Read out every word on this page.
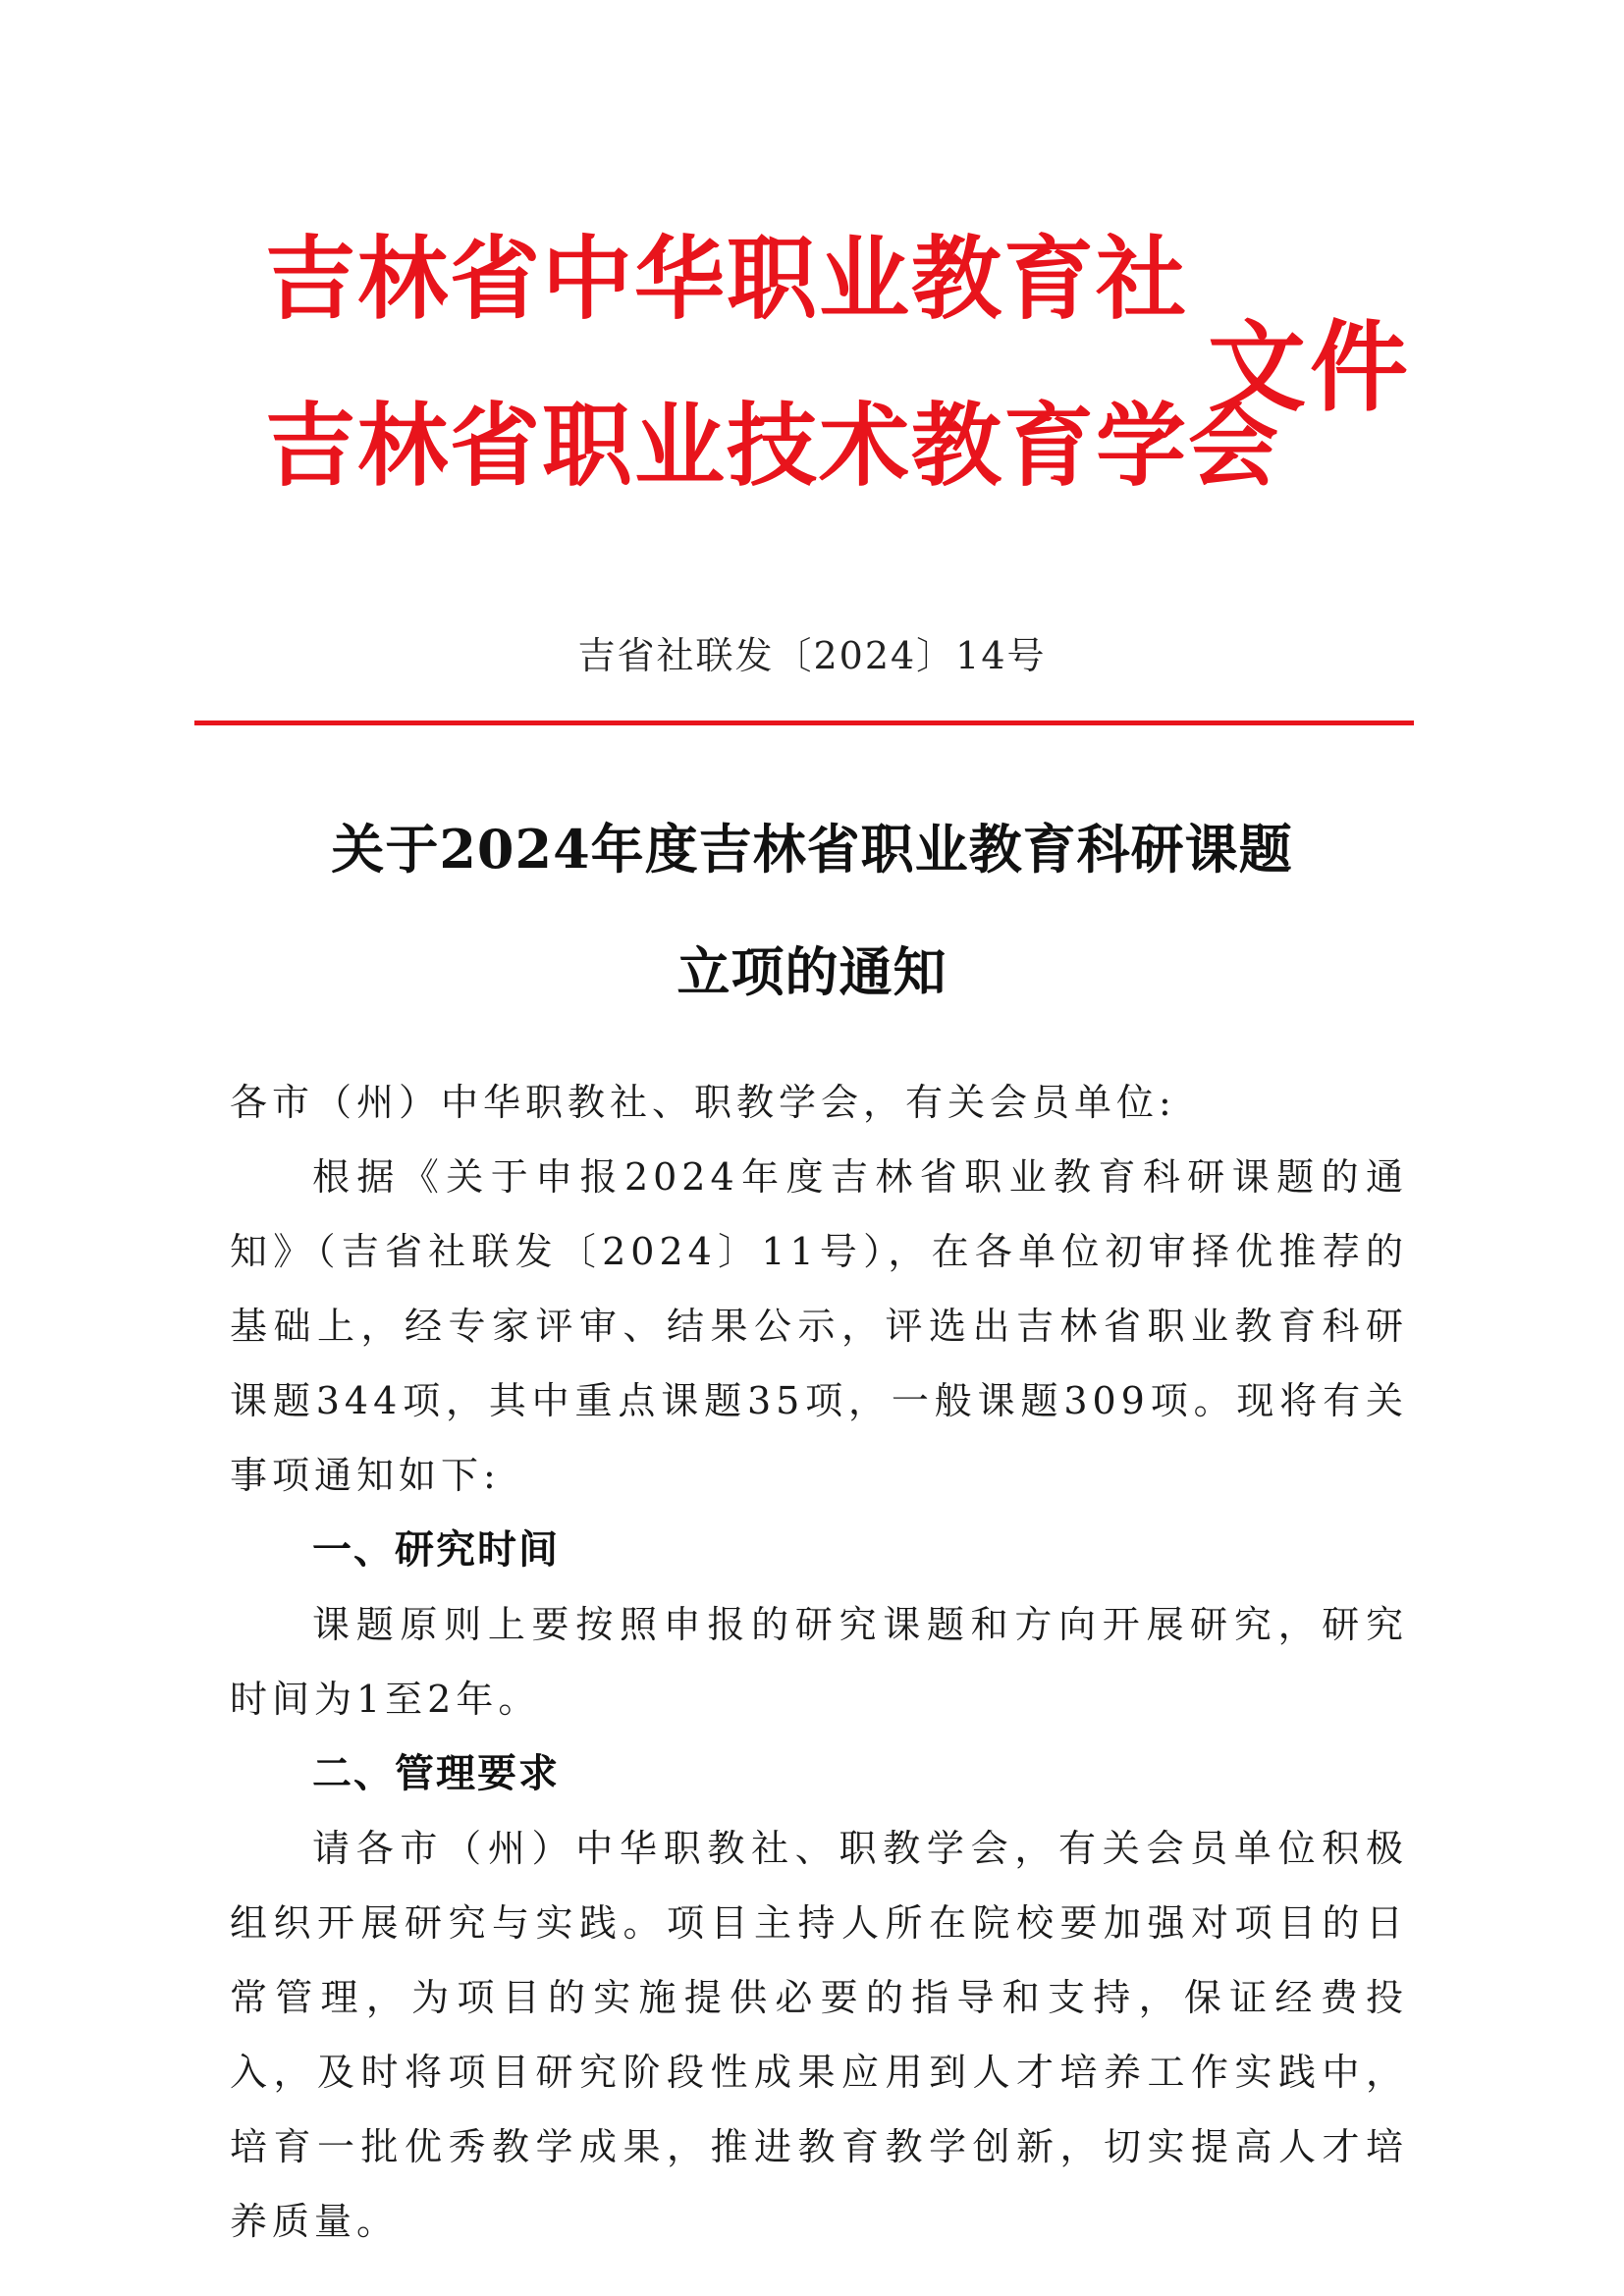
吉林省中华职业教育社
吉林省职业技术教育学会
文件
吉省社联发〔2024〕14号
关于2024年度吉林省职业教育科研课题
立项的通知

各市（州）中华职教社、职教学会，有关会员单位:

根据《关于申报2024年度吉林省职业教育科研课题的通知》（吉省社联发〔2024〕11号），在各单位初审择优推荐的基础上，经专家评审、结果公示，评选出吉林省职业教育科研课题344项，其中重点课题35项，一般课题309项。现将有关事项通知如下:

一、研究时间

课题原则上要按照申报的研究课题和方向开展研究，研究时间为1至2年。

二、管理要求

请各市（州）中华职教社、职教学会，有关会员单位积极组织开展研究与实践。项目主持人所在院校要加强对项目的日常管理，为项目的实施提供必要的指导和支持，保证经费投入，及时将项目研究阶段性成果应用到人才培养工作实践中，培育一批优秀教学成果，推进教育教学创新，切实提高人才培养质量。
